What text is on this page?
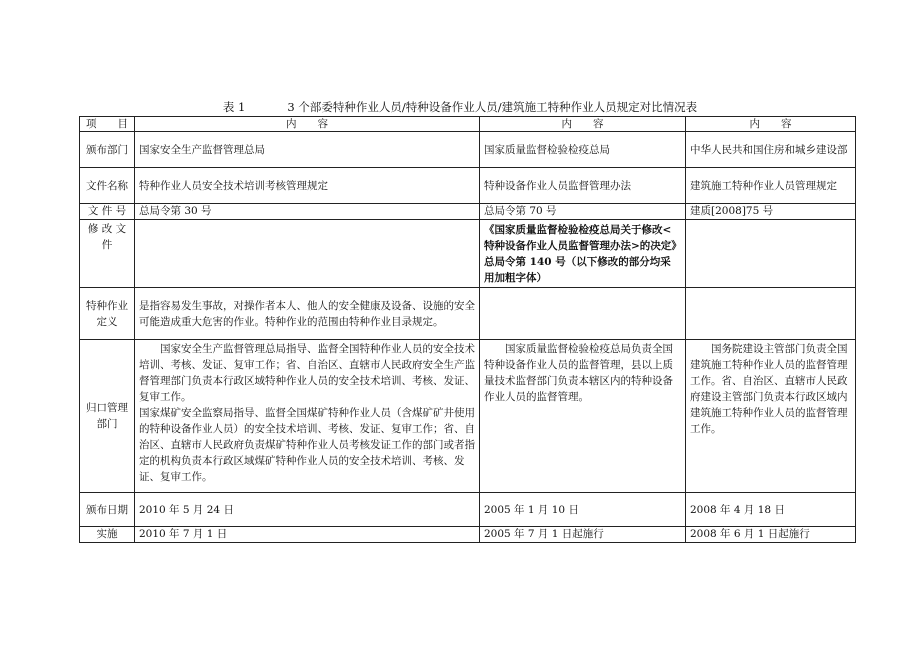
表 1	3 个部委特种作业人员/特种设备作业人员/建筑施工特种作业人员规定对比情况表
项　　目	内　　容	内　　容	内　　容
颁布部门	国家安全生产监督管理总局	国家质量监督检验检疫总局	中华人民共和国住房和城乡建设部
文件名称	特种作业人员安全技术培训考核管理规定	特种设备作业人员监督管理办法	建筑施工特种作业人员管理规定
文 件 号	总局令第 30 号	总局令第 70 号	建质[2008]75 号
修 改 文 件		《国家质量监督检验检疫总局关于修改<特种设备作业人员监督管理办法>的决定》总局令第 140 号（以下修改的部分均采用加粗字体）	
特种作业定义	是指容易发生事故，对操作者本人、他人的安全健康及设备、设施的安全可能造成重大危害的作业。特种作业的范围由特种作业目录规定。		
归口管理部门	国家安全生产监督管理总局指导、监督全国特种作业人员的安全技术培训、考核、发证、复审工作；省、自治区、直辖市人民政府安全生产监督管理部门负责本行政区域特种作业人员的安全技术培训、考核、发证、复审工作。
国家煤矿安全监察局指导、监督全国煤矿特种作业人员（含煤矿矿井使用的特种设备作业人员）的安全技术培训、考核、发证、复审工作；省、自治区、直辖市人民政府负责煤矿特种作业人员考核发证工作的部门或者指定的机构负责本行政区域煤矿特种作业人员的安全技术培训、考核、发证、复审工作。	国家质量监督检验检疫总局负责全国特种设备作业人员的监督管理，县以上质量技术监督部门负责本辖区内的特种设备作业人员的监督管理。	国务院建设主管部门负责全国建筑施工特种作业人员的监督管理工作。省、自治区、直辖市人民政府建设主管部门负责本行政区域内建筑施工特种作业人员的监督管理工作。
颁布日期	2010 年 5 月 24 日	2005 年 1 月 10 日	2008 年 4 月 18 日
实施	2010 年 7 月 1 日	2005 年 7 月 1 日起施行	2008 年 6 月 1 日起施行
